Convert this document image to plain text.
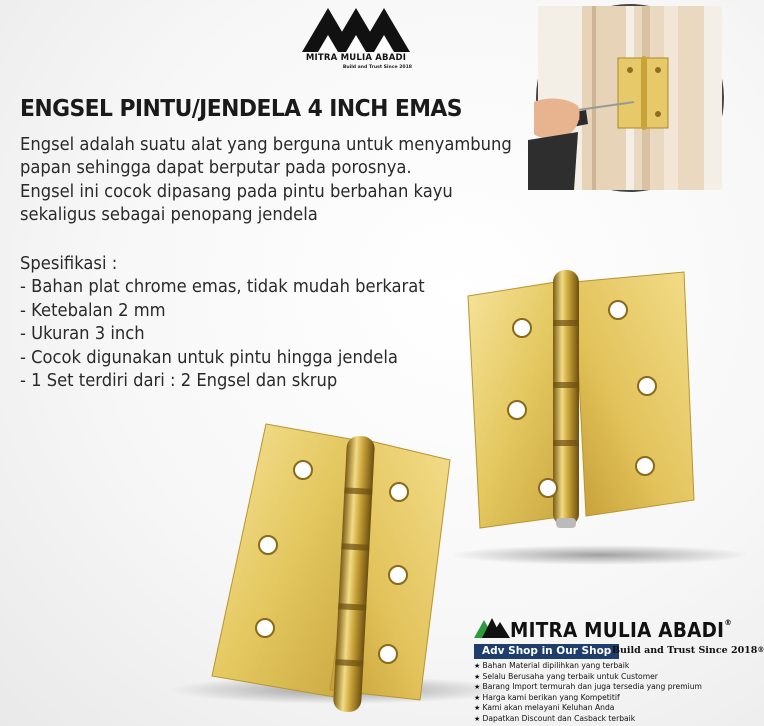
MITRA MULIA ABADI
Build and Trust Since 2018
ENGSEL PINTU/JENDELA 4 INCH EMAS
Engsel adalah suatu alat yang berguna untuk menyambung
papan sehingga dapat berputar pada porosnya.
Engsel ini cocok dipasang pada pintu berbahan kayu
sekaligus sebagai penopang jendela
Spesifikasi :
- Bahan plat chrome emas, tidak mudah berkarat
- Ketebalan 2 mm
- Ukuran 3 inch
- Cocok digunakan untuk pintu hingga jendela
- 1 Set terdiri dari : 2 Engsel dan skrup
MITRA MULIA ABADI®
Adv Shop in Our Shop Build and Trust Since 2018®
★ Bahan Material dipilihkan yang terbaik
★ Selalu Berusaha yang terbaik untuk Customer
★ Barang Import termurah dan juga tersedia yang premium
★ Harga kami berikan yang Kompetitif
★ Kami akan melayani Keluhan Anda
★ Dapatkan Discount dan Casback terbaik
